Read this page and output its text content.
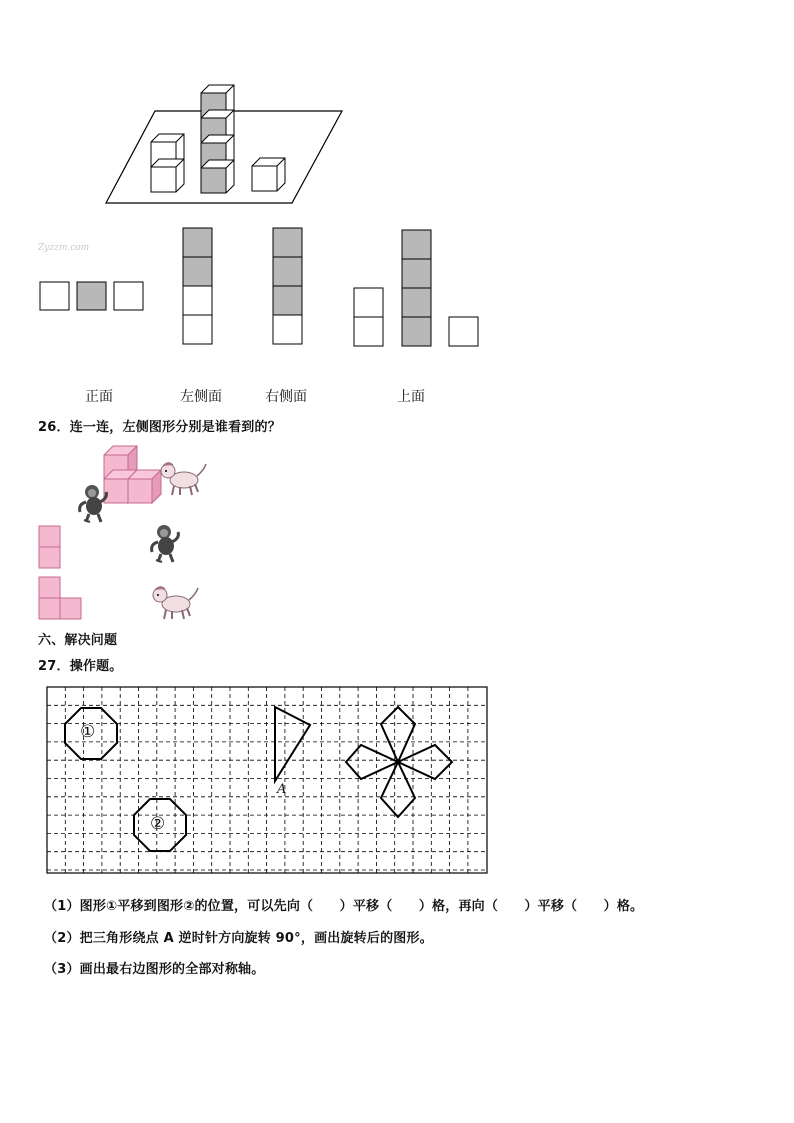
Zyzzm.com
正面	左侧面	右侧面	上面
26．连一连，左侧图形分别是谁看到的？
六、解决问题
27．操作题。
①
②
A
（1）图形①平移到图形②的位置，可以先向（　　）平移（　　）格，再向（　　）平移（　　）格。
（2）把三角形绕点 A 逆时针方向旋转 90°，画出旋转后的图形。
（3）画出最右边图形的全部对称轴。
